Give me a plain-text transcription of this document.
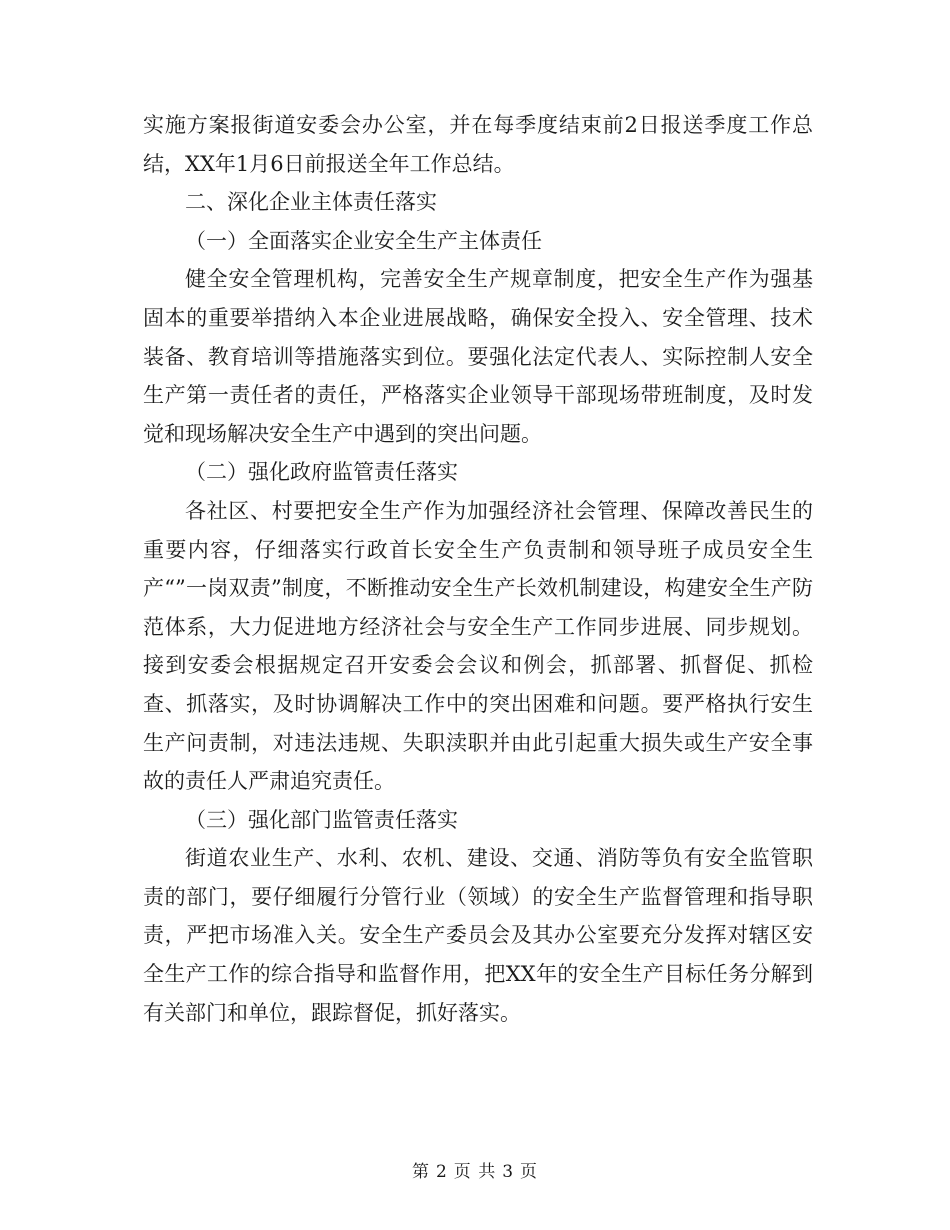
实施方案报街道安委会办公室，并在每季度结束前2日报送季度工作总结，XX年1月6日前报送全年工作总结。

二、深化企业主体责任落实

（一）全面落实企业安全生产主体责任

健全安全管理机构，完善安全生产规章制度，把安全生产作为强基固本的重要举措纳入本企业进展战略，确保安全投入、安全管理、技术装备、教育培训等措施落实到位。要强化法定代表人、实际控制人安全生产第一责任者的责任，严格落实企业领导干部现场带班制度，及时发觉和现场解决安全生产中遇到的突出问题。

（二）强化政府监管责任落实

各社区、村要把安全生产作为加强经济社会管理、保障改善民生的重要内容，仔细落实行政首长安全生产负责制和领导班子成员安全生产“”一岗双责”制度，不断推动安全生产长效机制建设，构建安全生产防范体系，大力促进地方经济社会与安全生产工作同步进展、同步规划。接到安委会根据规定召开安委会会议和例会，抓部署、抓督促、抓检查、抓落实，及时协调解决工作中的突出困难和问题。要严格执行安生生产问责制，对违法违规、失职渎职并由此引起重大损失或生产安全事故的责任人严肃追究责任。

（三）强化部门监管责任落实

街道农业生产、水利、农机、建设、交通、消防等负有安全监管职责的部门，要仔细履行分管行业（领域）的安全生产监督管理和指导职责，严把市场准入关。安全生产委员会及其办公室要充分发挥对辖区安全生产工作的综合指导和监督作用，把XX年的安全生产目标任务分解到有关部门和单位，跟踪督促，抓好落实。

第 2 页 共 3 页
